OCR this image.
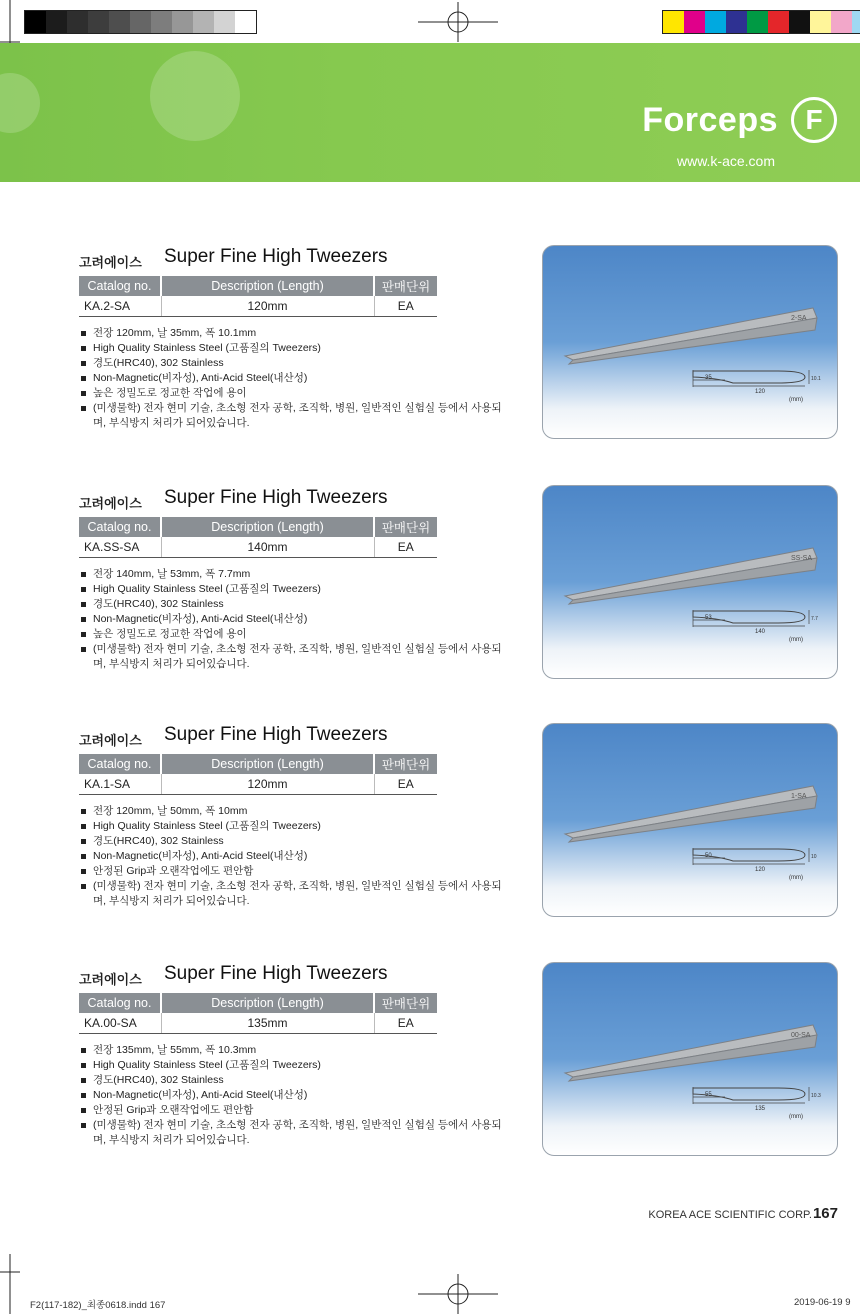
Forceps F
www.k-ace.com
고려에이스 Super Fine High Tweezers
Catalog no.	Description (Length)	판매단위
KA.2-SA	120mm	EA
전장 120mm, 날 35mm, 폭 10.1mm
High Quality Stainless Steel (고품질의 Tweezers)
경도(HRC40), 302 Stainless
Non-Magnetic(비자성), Anti-Acid Steel(내산성)
높은 정밀도로 정교한 작업에 용이
(미생물학) 전자 현미 기술, 초소형 전자 공학, 조직학, 병원, 일반적인 실험실 등에서 사용되며, 부식방지 처리가 되어있습니다.
2-SA
35
120
10.1
(mm)
고려에이스 Super Fine High Tweezers
Catalog no.	Description (Length)	판매단위
KA.SS-SA	140mm	EA
전장 140mm, 날 53mm, 폭 7.7mm
High Quality Stainless Steel (고품질의 Tweezers)
경도(HRC40), 302 Stainless
Non-Magnetic(비자성), Anti-Acid Steel(내산성)
높은 정밀도로 정교한 작업에 용이
(미생물학) 전자 현미 기술, 초소형 전자 공학, 조직학, 병원, 일반적인 실험실 등에서 사용되며, 부식방지 처리가 되어있습니다.
SS-SA
53
140
7.7
(mm)
고려에이스 Super Fine High Tweezers
Catalog no.	Description (Length)	판매단위
KA.1-SA	120mm	EA
전장 120mm, 날 50mm, 폭 10mm
High Quality Stainless Steel (고품질의 Tweezers)
경도(HRC40), 302 Stainless
Non-Magnetic(비자성), Anti-Acid Steel(내산성)
안정된 Grip과 오랜작업에도 편안함
(미생물학) 전자 현미 기술, 초소형 전자 공학, 조직학, 병원, 일반적인 실험실 등에서 사용되며, 부식방지 처리가 되어있습니다.
1-SA
50
120
10
(mm)
고려에이스 Super Fine High Tweezers
Catalog no.	Description (Length)	판매단위
KA.00-SA	135mm	EA
전장 135mm, 날 55mm, 폭 10.3mm
High Quality Stainless Steel (고품질의 Tweezers)
경도(HRC40), 302 Stainless
Non-Magnetic(비자성), Anti-Acid Steel(내산성)
안정된 Grip과 오랜작업에도 편안함
(미생물학) 전자 현미 기술, 초소형 전자 공학, 조직학, 병원, 일반적인 실험실 등에서 사용되며, 부식방지 처리가 되어있습니다.
00-SA
55
135
10.3
(mm)
KOREA ACE SCIENTIFIC CORP. 167
F2(117-182)_최종0618.indd 167	2019-06-19 9
